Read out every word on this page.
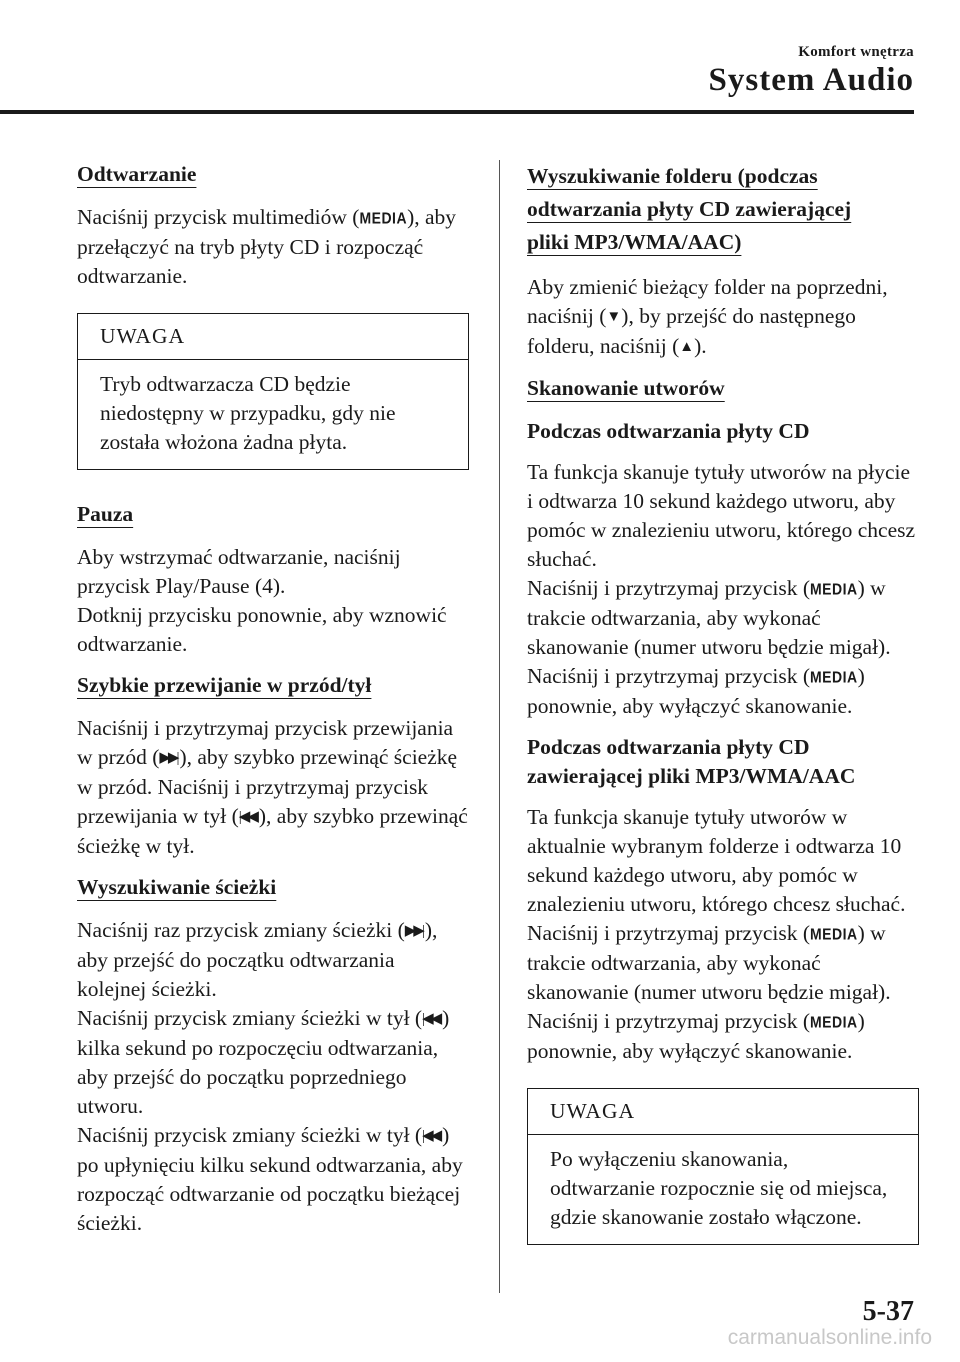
Komfort wnętrza
System Audio
Odtwarzanie

Naciśnij przycisk multimediów (MEDIA), aby przełączyć na tryb płyty CD i rozpocząć odtwarzanie.

UWAGA
Tryb odtwarzacza CD będzie niedostępny w przypadku, gdy nie została włożona żadna płyta.
Pauza

Aby wstrzymać odtwarzanie, naciśnij przycisk Play/Pause (4).

Dotknij przycisku ponownie, aby wznowić odtwarzanie.

Szybkie przewijanie w przód/tył

Naciśnij i przytrzymaj przycisk przewijania w przód (▶▶| ), aby szybko przewinąć ścieżkę w przód. Naciśnij i przytrzymaj przycisk przewijania w tył (|◀◀ ), aby szybko przewinąć ścieżkę w tył.

Wyszukiwanie ścieżki

Naciśnij raz przycisk zmiany ścieżki (▶▶| ), aby przejść do początku odtwarzania kolejnej ścieżki.

Naciśnij przycisk zmiany ścieżki w tył (|◀◀ ) kilka sekund po rozpoczęciu odtwarzania, aby przejść do początku poprzedniego utworu.

Naciśnij przycisk zmiany ścieżki w tył (|◀◀ ) po upłynięciu kilku sekund odtwarzania, aby rozpocząć odtwarzanie od początku bieżącej ścieżki.

Wyszukiwanie folderu (podczas
odtwarzania płyty CD zawierającej
pliki MP3/WMA/AAC)

Aby zmienić bieżący folder na poprzedni, naciśnij (▼ ), by przejść do następnego folderu, naciśnij (▲ ).

Skanowanie utworów
Podczas odtwarzania płyty CD

Ta funkcja skanuje tytuły utworów na płycie i odtwarza 10 sekund każdego utworu, aby pomóc w znalezieniu utworu, którego chcesz słuchać.

Naciśnij i przytrzymaj przycisk (MEDIA) w trakcie odtwarzania, aby wykonać skanowanie (numer utworu będzie migał).

Naciśnij i przytrzymaj przycisk (MEDIA) ponownie, aby wyłączyć skanowanie.

Podczas odtwarzania płyty CD zawierającej pliki MP3/WMA/AAC

Ta funkcja skanuje tytuły utworów w aktualnie wybranym folderze i odtwarza 10 sekund każdego utworu, aby pomóc w znalezieniu utworu, którego chcesz słuchać. Naciśnij i przytrzymaj przycisk (MEDIA) w trakcie odtwarzania, aby wykonać skanowanie (numer utworu będzie migał).

Naciśnij i przytrzymaj przycisk (MEDIA) ponownie, aby wyłączyć skanowanie.

UWAGA
Po wyłączeniu skanowania, odtwarzanie rozpocznie się od miejsca, gdzie skanowanie zostało włączone.
5-37
carmanualsonline.info
